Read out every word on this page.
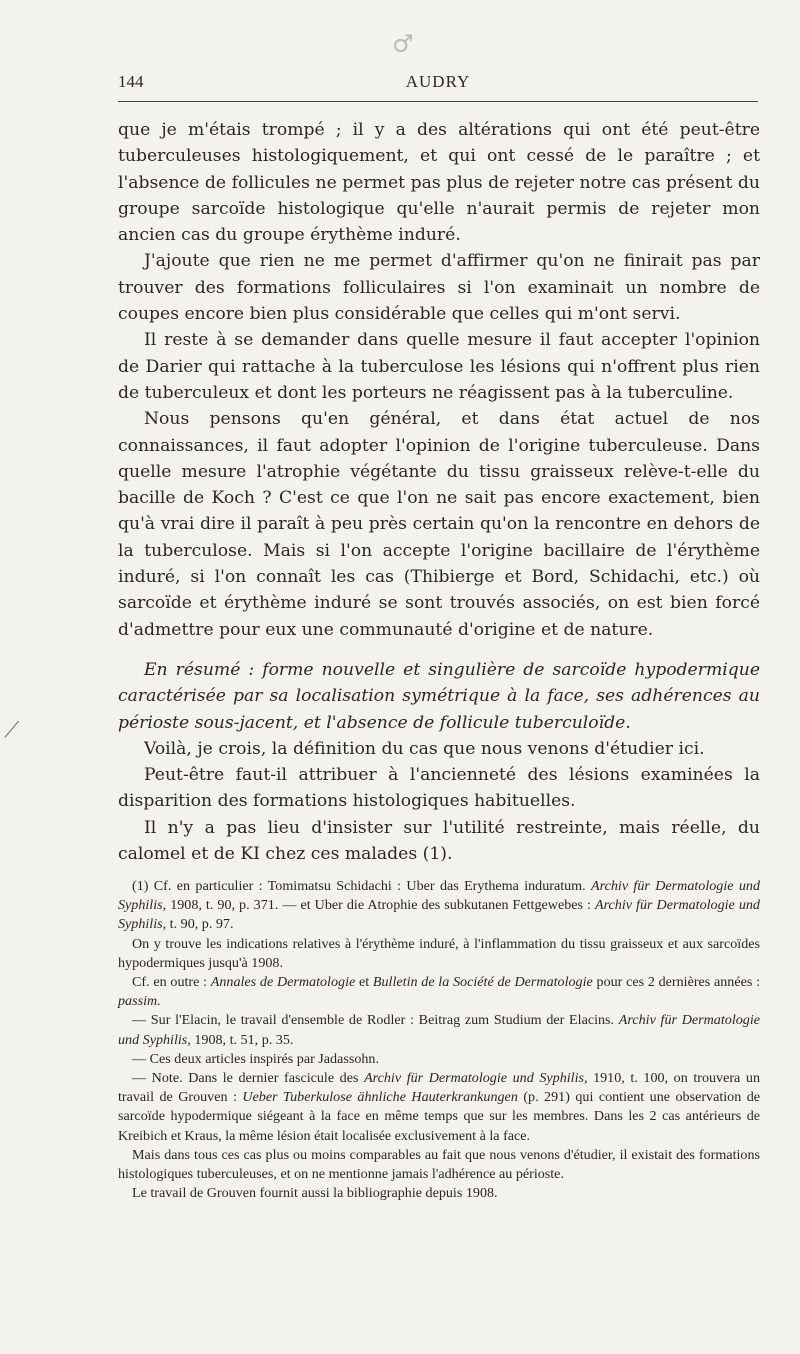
♂
⟋
144	AUDRY

que je m'étais trompé ; il y a des altérations qui ont été peut-être tuberculeuses histologiquement, et qui ont cessé de le paraître ; et l'absence de follicules ne permet pas plus de rejeter notre cas présent du groupe sarcoïde histologique qu'elle n'aurait permis de rejeter mon ancien cas du groupe érythème induré.

J'ajoute que rien ne me permet d'affirmer qu'on ne finirait pas par trouver des formations folliculaires si l'on examinait un nombre de coupes encore bien plus considérable que celles qui m'ont servi.

Il reste à se demander dans quelle mesure il faut accepter l'opinion de Darier qui rattache à la tuberculose les lésions qui n'offrent plus rien de tuberculeux et dont les porteurs ne réagissent pas à la tuberculine.

Nous pensons qu'en général, et dans état actuel de nos connaissances, il faut adopter l'opinion de l'origine tuberculeuse. Dans quelle mesure l'atrophie végétante du tissu graisseux relève-t-elle du bacille de Koch ? C'est ce que l'on ne sait pas encore exactement, bien qu'à vrai dire il paraît à peu près certain qu'on la rencontre en dehors de la tuberculose. Mais si l'on accepte l'origine bacillaire de l'érythème induré, si l'on connaît les cas (Thibierge et Bord, Schidachi, etc.) où sarcoïde et érythème induré se sont trouvés associés, on est bien forcé d'admettre pour eux une communauté d'origine et de nature.

En résumé : forme nouvelle et singulière de sarcoïde hypodermique caractérisée par sa localisation symétrique à la face, ses adhérences au périoste sous-jacent, et l'absence de follicule tuberculoïde.

Voilà, je crois, la définition du cas que nous venons d'étudier ici.

Peut-être faut-il attribuer à l'ancienneté des lésions examinées la disparition des formations histologiques habituelles.

Il n'y a pas lieu d'insister sur l'utilité restreinte, mais réelle, du calomel et de KI chez ces malades (1).

(1) Cf. en particulier : Tomimatsu Schidachi : Uber das Erythema induratum. Archiv für Dermatologie und Syphilis, 1908, t. 90, p. 371. — et Uber die Atrophie des subkutanen Fettgewebes : Archiv für Dermatologie und Syphilis, t. 90, p. 97.

On y trouve les indications relatives à l'érythème induré, à l'inflammation du tissu graisseux et aux sarcoïdes hypodermiques jusqu'à 1908.

Cf. en outre : Annales de Dermatologie et Bulletin de la Société de Dermatologie pour ces 2 dernières années : passim.

— Sur l'Elacin, le travail d'ensemble de Rodler : Beitrag zum Studium der Elacins. Archiv für Dermatologie und Syphilis, 1908, t. 51, p. 35.

— Ces deux articles inspirés par Jadassohn.

— Note. Dans le dernier fascicule des Archiv für Dermatologie und Syphilis, 1910, t. 100, on trouvera un travail de Grouven : Ueber Tuberkulose ähnliche Hauterkrankungen (p. 291) qui contient une observation de sarcoïde hypodermique siégeant à la face en même temps que sur les membres. Dans les 2 cas antérieurs de Kreibich et Kraus, la même lésion était localisée exclusivement à la face.

Mais dans tous ces cas plus ou moins comparables au fait que nous venons d'étudier, il existait des formations histologiques tuberculeuses, et on ne mentionne jamais l'adhérence au périoste.

Le travail de Grouven fournit aussi la bibliographie depuis 1908.
